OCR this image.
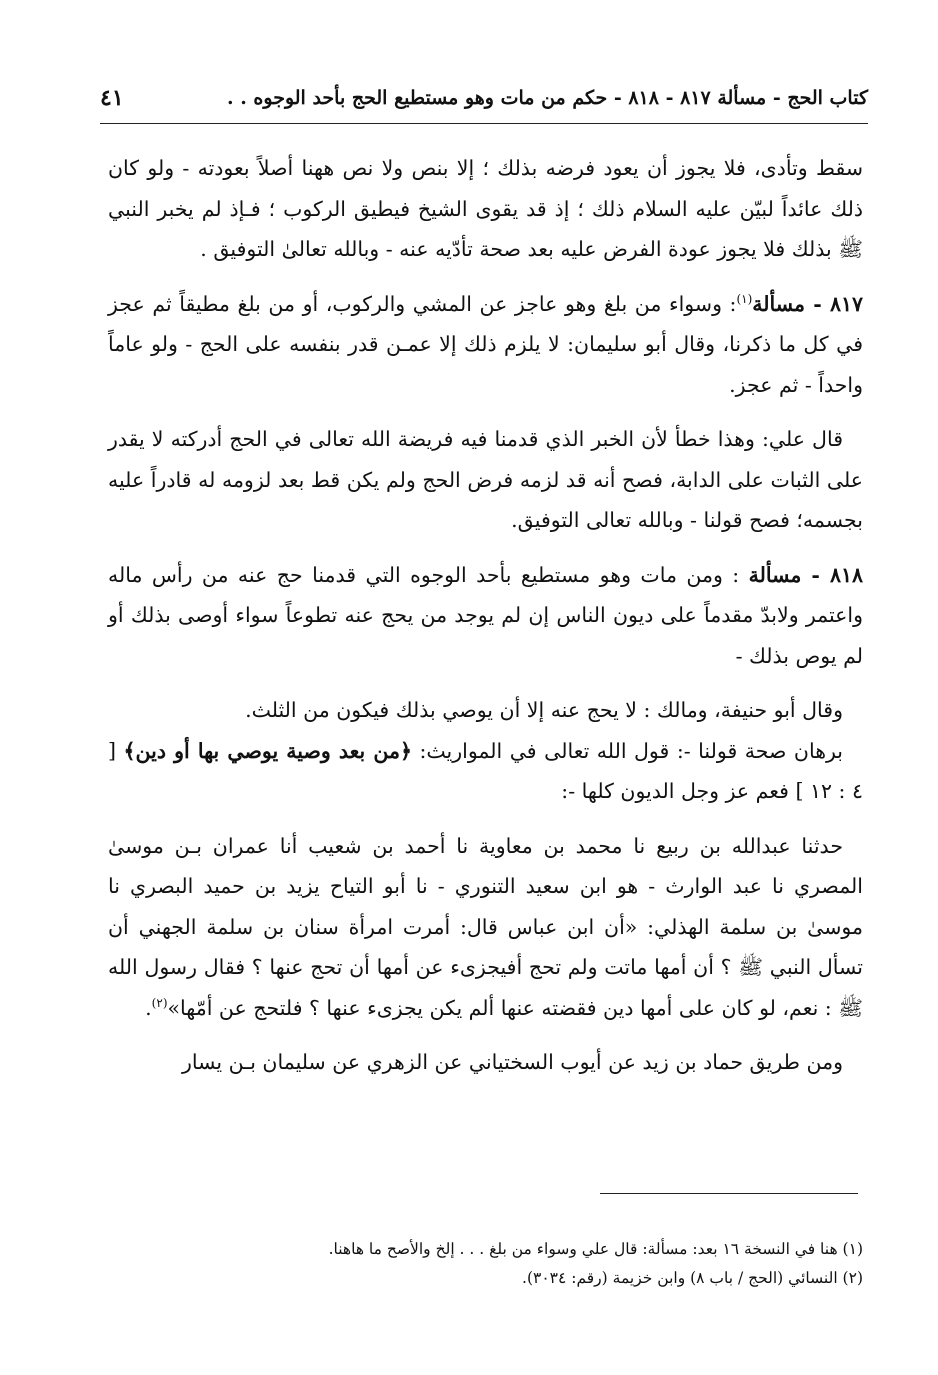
كتاب الحج - مسألة ٨١٧ - ٨١٨ - حكم من مات وهو مستطيع الحج بأحد الوجوه . .
٤١

سقط وتأدى، فلا يجوز أن يعود فرضه بذلك ؛ إلا بنص ولا نص ههنا أصلاً بعودته - ولو كان ذلك عائداً لبيّن عليه السلام ذلك ؛ إذ قد يقوى الشيخ فيطيق الركوب ؛ فـإذ لم يخبر النبي ﷺ بذلك فلا يجوز عودة الفرض عليه بعد صحة تأدّيه عنه - وبالله تعالىٰ التوفيق .

٨١٧ - مسألة$^{(١)}$: وسواء من بلغ وهو عاجز عن المشي والركوب، أو من بلغ مطيقاً ثم عجز في كل ما ذكرنا، وقال أبو سليمان: لا يلزم ذلك إلا عمـن قدر بنفسه على الحج - ولو عاماً واحداً - ثم عجز.

قال علي: وهذا خطأ لأن الخبر الذي قدمنا فيه فريضة الله تعالى في الحج أدركته لا يقدر على الثبات على الدابة، فصح أنه قد لزمه فرض الحج ولم يكن قط بعد لزومه له قادراً عليه بجسمه؛ فصح قولنا - وبالله تعالى التوفيق.

٨١٨ - مسألة : ومن مات وهو مستطيع بأحد الوجوه التي قدمنا حج عنه من رأس ماله واعتمر ولابدّ مقدماً على ديون الناس إن لم يوجد من يحج عنه تطوعاً سواء أوصى بذلك أو لم يوص بذلك -

وقال أبو حنيفة، ومالك : لا يحج عنه إلا أن يوصي بذلك فيكون من الثلث.

برهان صحة قولنا -: قول الله تعالى في المواريث: ﴿من بعد وصية يوصي بها أو دين﴾ [ ٤ : ١٢ ] فعم عز وجل الديون كلها -:

حدثنا عبدالله بن ربيع نا محمد بن معاوية نا أحمد بن شعيب أنا عمران بـن موسىٰ المصري نا عبد الوارث - هو ابن سعيد التنوري - نا أبو التياح يزيد بن حميد البصري نا موسىٰ بن سلمة الهذلي: «أن ابن عباس قال: أمرت امرأة سنان بن سلمة الجهني أن تسأل النبي ﷺ ؟ أن أمها ماتت ولم تحج أفيجزىء عن أمها أن تحج عنها ؟ فقال رسول الله ﷺ : نعم، لو كان على أمها دين فقضته عنها ألم يكن يجزىء عنها ؟ فلتحج عن أمّها»$^{(٢)}$.

ومن طريق حماد بن زيد عن أيوب السختياني عن الزهري عن سليمان بـن يسار

(١) هنا في النسخة ١٦ بعد: مسألة: قال علي وسواء من بلغ . . . إلخ والأصح ما هاهنا.
(٢) النسائي (الحج / باب ٨) وابن خزيمة (رقم: ٣٠٣٤).
